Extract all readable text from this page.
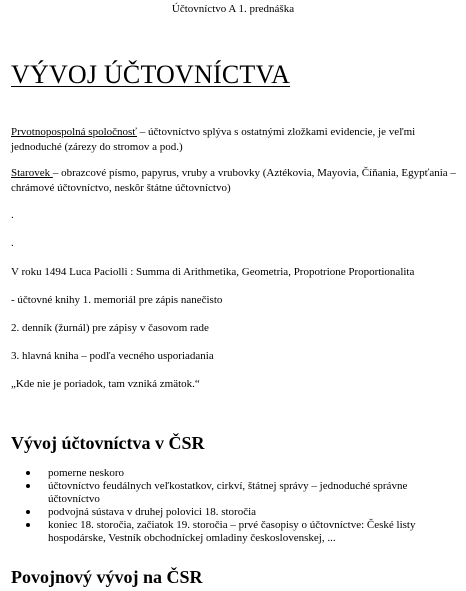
Účtovníctvo A 1. prednáška
VÝVOJ ÚČTOVNÍCTVA

Prvotnopospolná spoločnosť – účtovníctvo splýva s ostatnými zložkami evidencie, je veľmi jednoduché (zárezy do stromov a pod.)

Starovek – obrazcové písmo, papyrus, vruby a vrubovky (Aztékovia, Mayovia, Číňania, Egypťania – chrámové účtovníctvo, neskôr štátne účtovníctvo)

.

.

V roku 1494 Luca Paciolli : Summa di Arithmetika, Geometria, Propotrione Proportionalita

- účtovné knihy 1. memoriál pre zápis nanečisto

2. denník (žurnál) pre zápisy v časovom rade

3. hlavná kniha – podľa vecného usporiadania

„Kde nie je poriadok, tam vzniká zmätok.“

Vývoj účtovníctva v ČSR
pomerne neskoro
účtovníctvo feudálnych veľkostatkov, cirkví, štátnej správy – jednoduché správne účtovníctvo
podvojná sústava v druhej polovici 18. storočia
koniec 18. storočia, začiatok 19. storočia – prvé časopisy o účtovníctve: České listy hospodárske, Vestník obchodníckej omladiny československej, ...
Povojnový vývoj na ČSR
